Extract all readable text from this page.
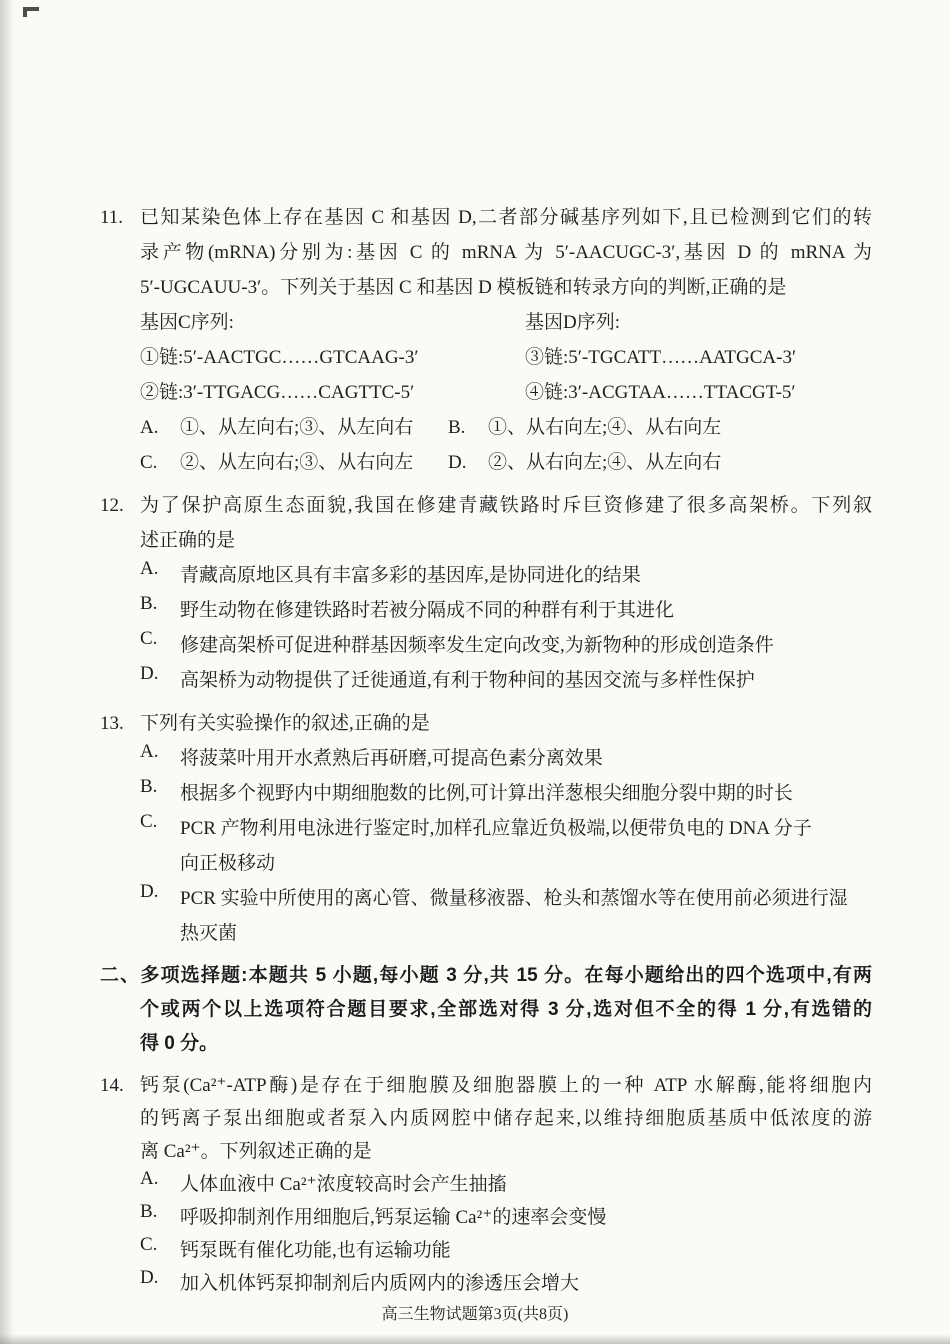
11. 已知某染色体上存在基因 C 和基因 D,二者部分碱基序列如下,且已检测到它们的转
录产物(mRNA)分别为:基因 C 的 mRNA 为 5′-AACUGC-3′,基因 D 的 mRNA 为
5′-UGCAUU-3′。下列关于基因 C 和基因 D 模板链和转录方向的判断,正确的是
基因C序列:	基因D序列:
①链:5′-AACTGC……GTCAAG-3′	③链:5′-TGCATT……AATGCA-3′
②链:3′-TTGACG……CAGTTC-5′	④链:3′-ACGTAA……TTACGT-5′
A.	①、从左向右;③、从左向右 B.	①、从右向左;④、从右向左
C.	②、从左向右;③、从右向左 D.	②、从右向左;④、从左向右
12. 为了保护高原生态面貌,我国在修建青藏铁路时斥巨资修建了很多高架桥。下列叙
述正确的是
A.	青藏高原地区具有丰富多彩的基因库,是协同进化的结果
B.	野生动物在修建铁路时若被分隔成不同的种群有利于其进化
C.	修建高架桥可促进种群基因频率发生定向改变,为新物种的形成创造条件
D.	高架桥为动物提供了迁徙通道,有利于物种间的基因交流与多样性保护
13. 下列有关实验操作的叙述,正确的是
A.	将菠菜叶用开水煮熟后再研磨,可提高色素分离效果
B.	根据多个视野内中期细胞数的比例,可计算出洋葱根尖细胞分裂中期的时长
C.	PCR 产物利用电泳进行鉴定时,加样孔应靠近负极端,以便带负电的 DNA 分子 向正极移动
D.	PCR 实验中所使用的离心管、微量移液器、枪头和蒸馏水等在使用前必须进行湿 热灭菌
二、多项选择题:本题共 5 小题,每小题 3 分,共 15 分。在每小题给出的四个选项中,有两
个或两个以上选项符合题目要求,全部选对得 3 分,选对但不全的得 1 分,有选错的
得 0 分。
14. 钙泵(Ca²⁺-ATP酶)是存在于细胞膜及细胞器膜上的一种 ATP 水解酶,能将细胞内
的钙离子泵出细胞或者泵入内质网腔中储存起来,以维持细胞质基质中低浓度的游
离 Ca²⁺。下列叙述正确的是
A.	人体血液中 Ca²⁺浓度较高时会产生抽搐
B.	呼吸抑制剂作用细胞后,钙泵运输 Ca²⁺的速率会变慢
C.	钙泵既有催化功能,也有运输功能
D.	加入机体钙泵抑制剂后内质网内的渗透压会增大
高三生物试题第3页(共8页)
